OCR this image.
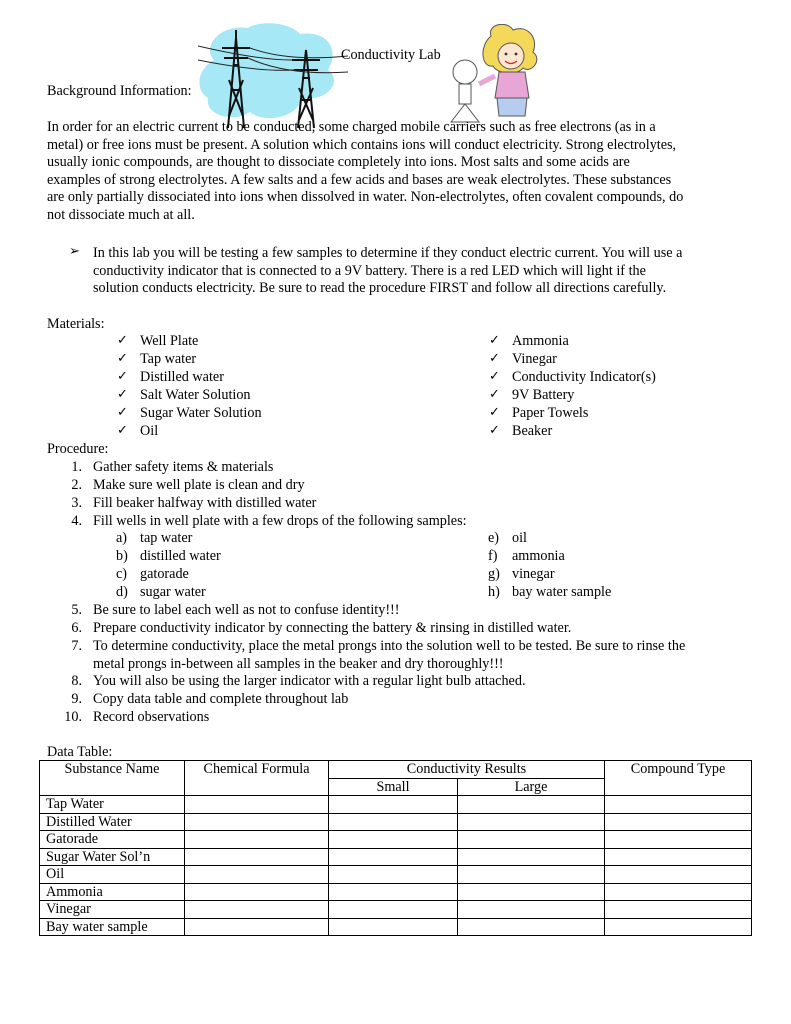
Conductivity Lab
Background Information:
In order for an electric current to be conducted, some charged mobile carriers such as free electrons (as in a
metal) or free ions must be present. A solution which contains ions will conduct electricity. Strong electrolytes,
usually ionic compounds, are thought to dissociate completely into ions. Most salts and some acids are
examples of strong electrolytes. A few salts and a few acids and bases are weak electrolytes. These substances
are only partially dissociated into ions when dissolved in water. Non-electrolytes, often covalent compounds, do
not dissociate much at all.
➢ In this lab you will be testing a few samples to determine if they conduct electric current. You will use a
conductivity indicator that is connected to a 9V battery. There is a red LED which will light if the
solution conducts electricity. Be sure to read the procedure FIRST and follow all directions carefully.
Materials:
✓ Well Plate
✓ Tap water
✓ Distilled water
✓ Salt Water Solution
✓ Sugar Water Solution
✓ Oil
✓ Ammonia
✓ Vinegar
✓ Conductivity Indicator(s)
✓ 9V Battery
✓ Paper Towels
✓ Beaker
Procedure:
1. Gather safety items & materials
2. Make sure well plate is clean and dry
3. Fill beaker halfway with distilled water
4. Fill wells in well plate with a few drops of the following samples:
a) tap water
b) distilled water
c) gatorade
d) sugar water
e) oil
f) ammonia
g) vinegar
h) bay water sample
5. Be sure to label each well as not to confuse identity!!!
6. Prepare conductivity indicator by connecting the battery & rinsing in distilled water.
7. To determine conductivity, place the metal prongs into the solution well to be tested. Be sure to rinse the
metal prongs in-between all samples in the beaker and dry thoroughly!!!
8. You will also be using the larger indicator with a regular light bulb attached.
9. Copy data table and complete throughout lab
10. Record observations
Data Table:
Substance Name	Chemical Formula	Conductivity Results		Compound Type
		Small	Large	
Tap Water				
Distilled Water				
Gatorade				
Sugar Water Sol’n				
Oil				
Ammonia				
Vinegar				
Bay water sample				
